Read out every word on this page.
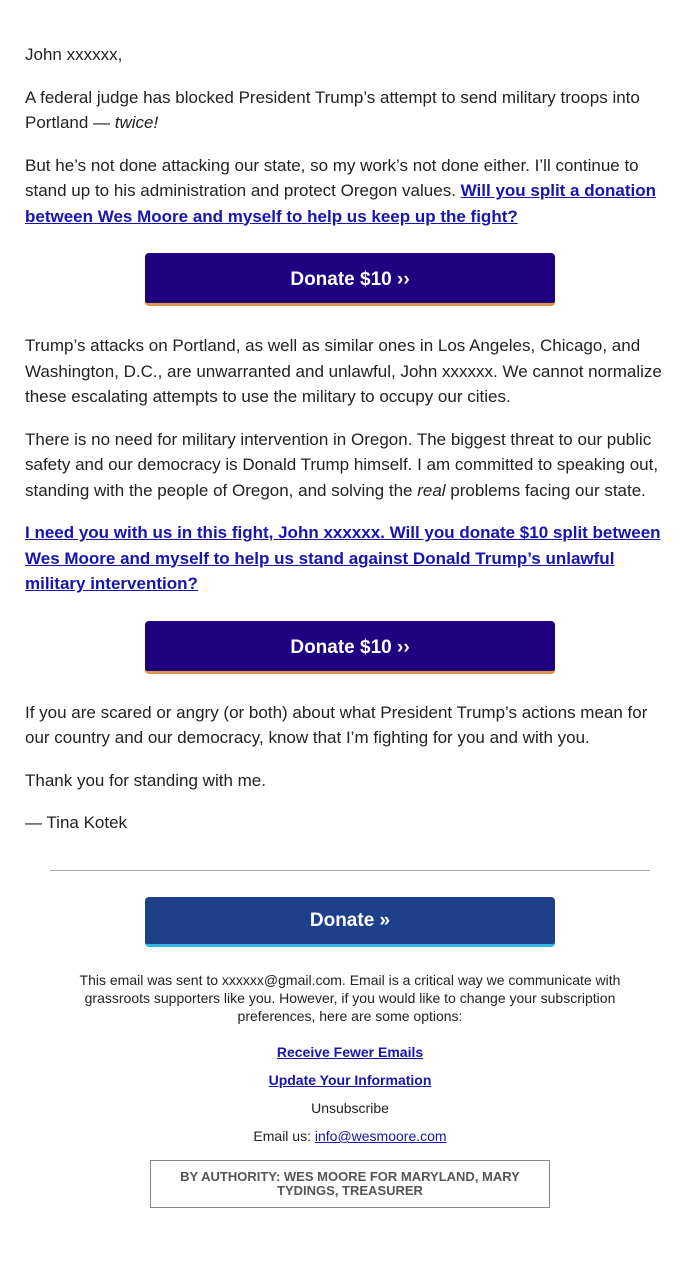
John xxxxxx,

A federal judge has blocked President Trump’s attempt to send military troops into Portland — twice!

But he’s not done attacking our state, so my work’s not done either. I’ll continue to stand up to his administration and protect Oregon values. Will you split a donation between Wes Moore and myself to help us keep up the fight?

Donate $10 ››

Trump’s attacks on Portland, as well as similar ones in Los Angeles, Chicago, and Washington, D.C., are unwarranted and unlawful, John xxxxxx. We cannot normalize these escalating attempts to use the military to occupy our cities.

There is no need for military intervention in Oregon. The biggest threat to our public safety and our democracy is Donald Trump himself. I am committed to speaking out, standing with the people of Oregon, and solving the real problems facing our state.

I need you with us in this fight, John xxxxxx. Will you donate $10 split between Wes Moore and myself to help us stand against Donald Trump’s unlawful military intervention?

Donate $10 ››

If you are scared or angry (or both) about what President Trump’s actions mean for our country and our democracy, know that I’m fighting for you and with you.

Thank you for standing with me.

— Tina Kotek

Donate »
This email was sent to xxxxxx@gmail.com. Email is a critical way we communicate with grassroots supporters like you. However, if you would like to change your subscription preferences, here are some options:
Receive Fewer Emails
Update Your Information
Unsubscribe
Email us: info@wesmoore.com
BY AUTHORITY: WES MOORE FOR MARYLAND, MARY TYDINGS, TREASURER
